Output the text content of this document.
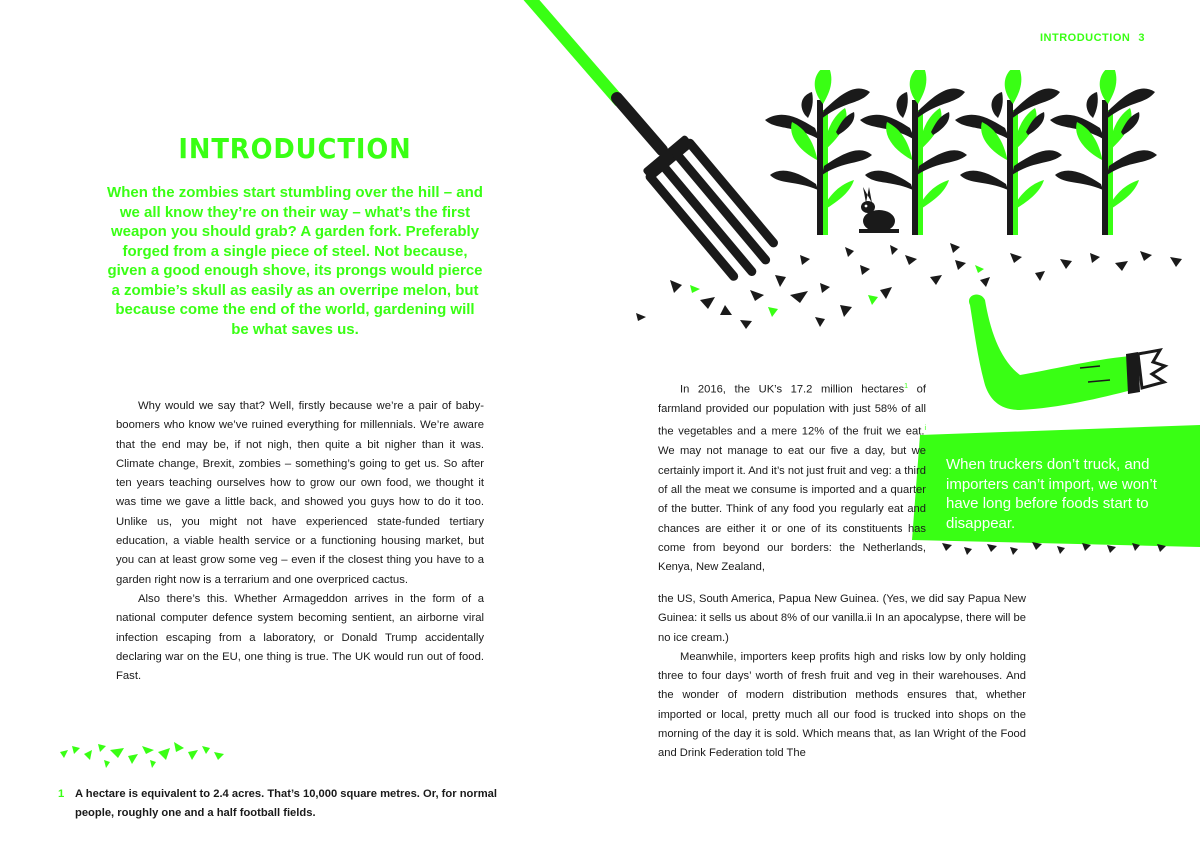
INTRODUCTION 3
When truckers don’t truck, and importers can’t import, we won’t have long before foods start to disappear.
INTRODUCTION
When the zombies start stumbling over the hill – and we all know they’re on their way – what’s the first weapon you should grab? A garden fork. Preferably forged from a single piece of steel. Not because, given a good enough shove, its prongs would pierce a zombie’s skull as easily as an overripe melon, but because come the end of the world, gardening will be what saves us.

Why would we say that? Well, firstly because we’re a pair of baby-boomers who know we’ve ruined everything for millennials. We’re aware that the end may be, if not nigh, then quite a bit nigher than it was. Climate change, Brexit, zombies – something’s going to get us. So after ten years teaching ourselves how to grow our own food, we thought it was time we gave a little back, and showed you guys how to do it too. Unlike us, you might not have experienced state-funded tertiary education, a viable health service or a functioning housing market, but you can at least grow some veg – even if the closest thing you have to a garden right now is a terrarium and one overpriced cactus.

Also there’s this. Whether Armageddon arrives in the form of a national computer defence system becoming sentient, an airborne viral infection escaping from a laboratory, or Donald Trump accidentally declaring war on the EU, one thing is true. The UK would run out of food. Fast.

In 2016, the UK’s 17.2 million hectares$^1$ of farmland provided our population with just 58% of all the vegetables and a mere 12% of the fruit we eat.$^i$ We may not manage to eat our five a day, but we certainly import it. And it’s not just fruit and veg: a third of all the meat we consume is imported and a quarter of the butter. Think of any food you regularly eat and chances are either it or one of its constituents has come from beyond our borders: the Netherlands, Kenya, New Zealand,

the US, South America, Papua New Guinea. (Yes, we did say Papua New Guinea: it sells us about 8% of our vanilla.ii In an apocalypse, there will be no ice cream.)

Meanwhile, importers keep profits high and risks low by only holding three to four days’ worth of fresh fruit and veg in their warehouses. And the wonder of modern distribution methods ensures that, whether imported or local, pretty much all our food is trucked into shops on the morning of the day it is sold. Which means that, as Ian Wright of the Food and Drink Federation told The

1 A hectare is equivalent to 2.4 acres. That’s 10,000 square metres. Or, for normal people, roughly one and a half football fields.
